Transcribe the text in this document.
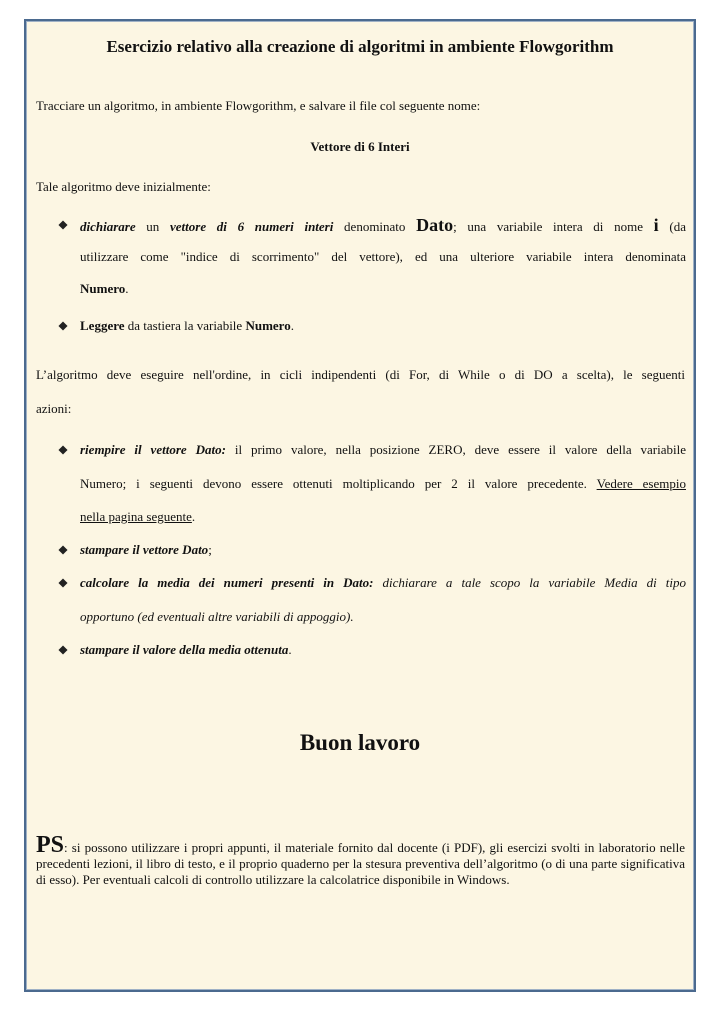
Esercizio relativo alla creazione di algoritmi in ambiente Flowgorithm
Tracciare un algoritmo, in ambiente Flowgorithm, e salvare il file col seguente nome:
Vettore di 6 Interi
Tale algoritmo deve inizialmente:
dichiarare un vettore di 6 numeri interi denominato Dato; una variabile intera di nome i (da
utilizzare come "indice di scorrimento" del vettore), ed una ulteriore variabile intera denominata
Numero.
Leggere da tastiera la variabile Numero.
L’algoritmo deve eseguire nell'ordine, in cicli indipendenti (di For, di While o di DO a scelta), le seguenti
azioni:
riempire il vettore Dato: il primo valore, nella posizione ZERO, deve essere il valore della variabile
Numero; i seguenti devono essere ottenuti moltiplicando per 2 il valore precedente. Vedere esempio
nella pagina seguente.
stampare il vettore Dato;
calcolare la media dei numeri presenti in Dato: dichiarare a tale scopo la variabile Media di tipo
opportuno (ed eventuali altre variabili di appoggio).
stampare il valore della media ottenuta.
Buon lavoro
PS: si possono utilizzare i propri appunti, il materiale fornito dal docente (i PDF), gli esercizi svolti in laboratorio nelle precedenti lezioni, il libro di testo, e il proprio quaderno per la stesura preventiva dell’algoritmo (o di una parte significativa di esso). Per eventuali calcoli di controllo utilizzare la calcolatrice disponibile in Windows.
